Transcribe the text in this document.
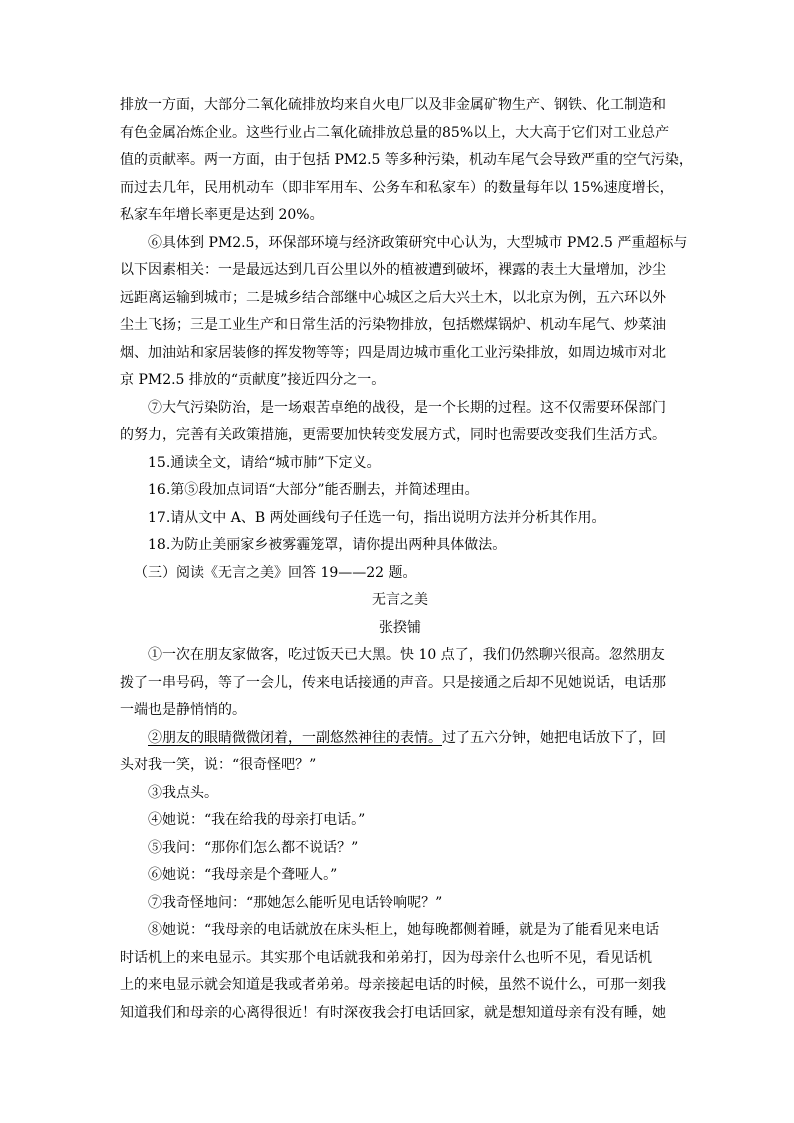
排放一方面，大部分二氧化硫排放均来自火电厂以及非金属矿物生产、钢铁、化工制造和
有色金属冶炼企业。这些行业占二氧化硫排放总量的85%以上，大大高于它们对工业总产
值的贡献率。两一方面，由于包括 PM2.5 等多种污染，机动车尾气会导致严重的空气污染，
而过去几年，民用机动车（即非军用车、公务车和私家车）的数量每年以 15%速度增长，
私家车年增长率更是达到 20%。
⑥具体到 PM2.5，环保部环境与经济政策研究中心认为，大型城市 PM2.5 严重超标与
以下因素相关：一是最远达到几百公里以外的植被遭到破坏，裸露的表土大量增加，沙尘
远距离运输到城市；二是城乡结合部继中心城区之后大兴土木，以北京为例，五六环以外
尘土飞扬；三是工业生产和日常生活的污染物排放，包括燃煤锅炉、机动车尾气、炒菜油
烟、加油站和家居装修的挥发物等等；四是周边城市重化工业污染排放，如周边城市对北
京 PM2.5 排放的“贡献度”接近四分之一。
⑦大气污染防治，是一场艰苦卓绝的战役，是一个长期的过程。这不仅需要环保部门
的努力，完善有关政策措施，更需要加快转变发展方式，同时也需要改变我们生活方式。
15.通读全文，请给“城市肺”下定义。
16.第⑤段加点词语“大部分”能否删去，并简述理由。
17.请从文中 A、B 两处画线句子任选一句，指出说明方法并分析其作用。
18.为防止美丽家乡被雾霾笼罩，请你提出两种具体做法。
（三）阅读《无言之美》回答 19——22 题。
无言之美
张揆铺
①一次在朋友家做客，吃过饭天已大黑。快 10 点了，我们仍然聊兴很高。忽然朋友
拨了一串号码，等了一会儿，传来电话接通的声音。只是接通之后却不见她说话，电话那
一端也是静悄悄的。
②朋友的眼睛微微闭着，一副悠然神往的表情。过了五六分钟，她把电话放下了，回
头对我一笑，说：“很奇怪吧？”
③我点头。
④她说：“我在给我的母亲打电话。”
⑤我问：“那你们怎么都不说话？”
⑥她说：“我母亲是个聋哑人。”
⑦我奇怪地问：“那她怎么能听见电话铃响呢？”
⑧她说：“我母亲的电话就放在床头柜上，她每晚都侧着睡，就是为了能看见来电话
时话机上的来电显示。其实那个电话就我和弟弟打，因为母亲什么也听不见，看见话机
上的来电显示就会知道是我或者弟弟。母亲接起电话的时候，虽然不说什么，可那一刻我
知道我们和母亲的心离得很近！有时深夜我会打电话回家，就是想知道母亲有没有睡，她
